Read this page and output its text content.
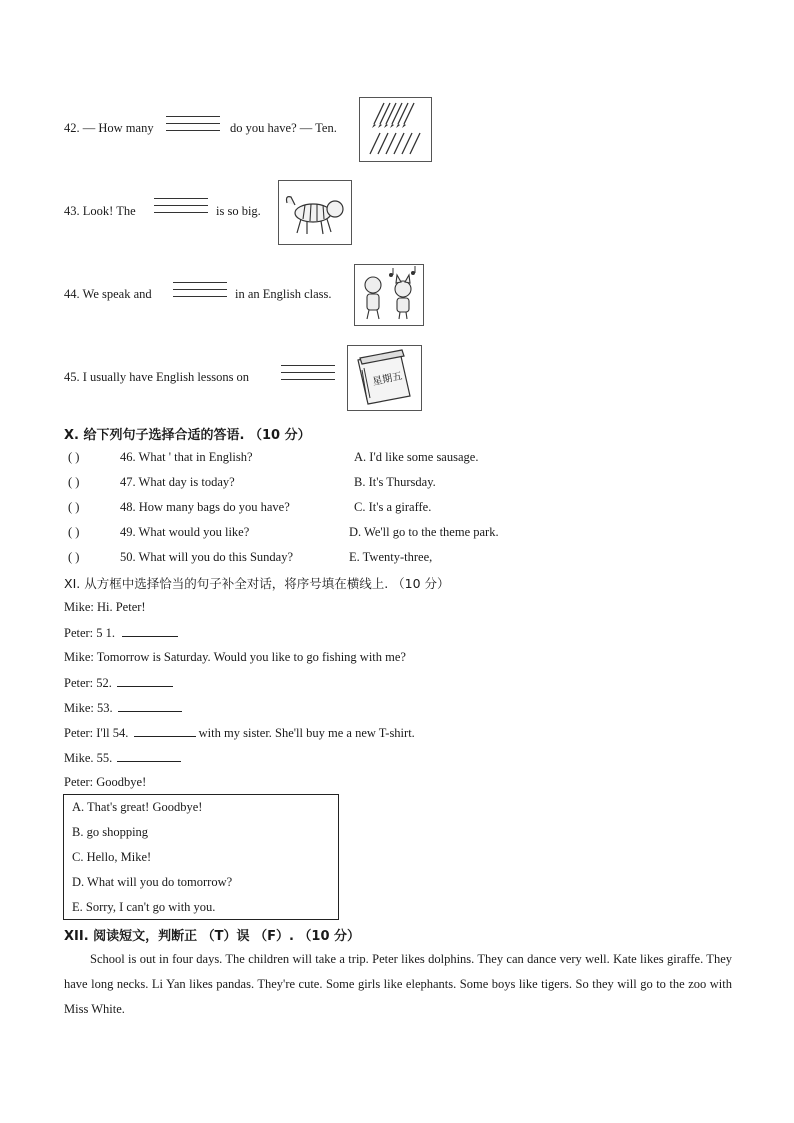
42. — How many	do you have? — Ten.
43. Look! The	is so big.
44. We speak and	in an English class.
45. I usually have English lessons on	星期五
X. 给下列句子选择合适的答语. （10 分）
( )	46. What ' that in English?	A. I'd like some sausage.
( )	47. What day is today?	B. It's Thursday.
( )	48. How many bags do you have?	C. It's a giraffe.
( )	49. What would you like?	D. We'll go to the theme park.
( )	50. What will you do this Sunday?	E. Twenty-three,
XI. 从方框中选择恰当的句子补全对话，将序号填在横线上. （10 分）
Mike: Hi. Peter!
Peter: 5 1.
Mike: Tomorrow is Saturday. Would you like to go fishing with me?
Peter: 52.
Mike: 53.
Peter: I'll 54.	with my sister. She'll buy me a new T-shirt.
Mike. 55.
Peter: Goodbye!
A. That's great! Goodbye!
B. go shopping
C. Hello, Mike!
D. What will you do tomorrow?
E. Sorry, I can't go with you.
XII. 阅读短文，判断正 （T）误 （F）. （10 分）
School is out in four days. The children will take a trip. Peter likes dolphins. They can dance very well. Kate likes giraffe. They have long necks. Li Yan likes pandas. They're cute. Some girls like elephants. Some boys like tigers. So they will go to the zoo with Miss White.
